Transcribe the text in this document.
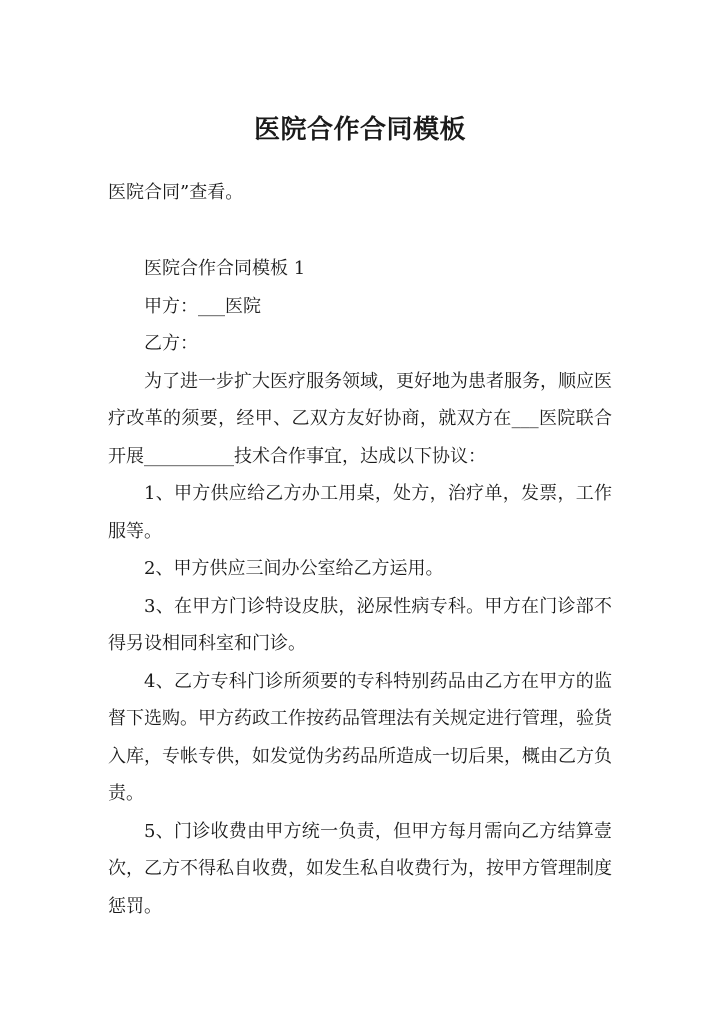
医院合作合同模板
医院合同”查看。

医院合作合同模板 1

甲方：___医院

乙方：

为了进一步扩大医疗服务领域，更好地为患者服务，顺应医疗改革的须要，经甲、乙双方友好协商，就双方在___医院联合开展__________技术合作事宜，达成以下协议：

1、甲方供应给乙方办工用桌，处方，治疗单，发票，工作服等。

2、甲方供应三间办公室给乙方运用。

3、在甲方门诊特设皮肤，泌尿性病专科。甲方在门诊部不得另设相同科室和门诊。

4、乙方专科门诊所须要的专科特别药品由乙方在甲方的监督下选购。甲方药政工作按药品管理法有关规定进行管理，验货入库，专帐专供，如发觉伪劣药品所造成一切后果，概由乙方负责。

5、门诊收费由甲方统一负责，但甲方每月需向乙方结算壹次，乙方不得私自收费，如发生私自收费行为，按甲方管理制度惩罚。
